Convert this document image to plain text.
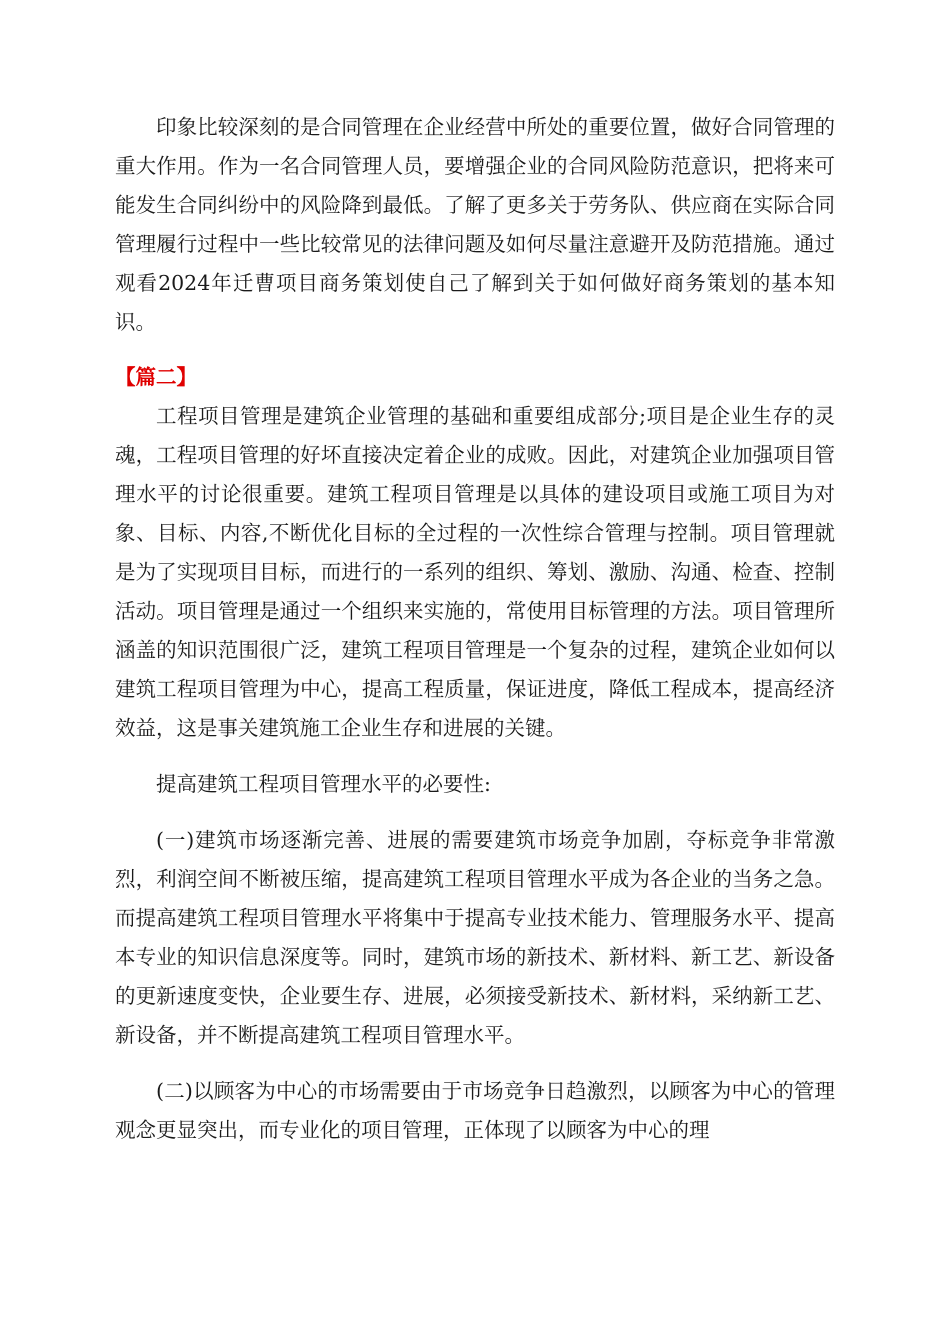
印象比较深刻的是合同管理在企业经营中所处的重要位置，做好合同管理的重大作用。作为一名合同管理人员，要增强企业的合同风险防范意识，把将来可能发生合同纠纷中的风险降到最低。了解了更多关于劳务队、供应商在实际合同管理履行过程中一些比较常见的法律问题及如何尽量注意避开及防范措施。通过观看2024年迁曹项目商务策划使自己了解到关于如何做好商务策划的基本知识。

【篇二】

工程项目管理是建筑企业管理的基础和重要组成部分;项目是企业生存的灵魂，工程项目管理的好坏直接决定着企业的成败。因此，对建筑企业加强项目管理水平的讨论很重要。建筑工程项目管理是以具体的建设项目或施工项目为对象、目标、内容,不断优化目标的全过程的一次性综合管理与控制。项目管理就是为了实现项目目标，而进行的一系列的组织、筹划、激励、沟通、检查、控制活动。项目管理是通过一个组织来实施的，常使用目标管理的方法。项目管理所涵盖的知识范围很广泛，建筑工程项目管理是一个复杂的过程，建筑企业如何以建筑工程项目管理为中心，提高工程质量，保证进度，降低工程成本，提高经济效益，这是事关建筑施工企业生存和进展的关键。

提高建筑工程项目管理水平的必要性:

(一)建筑市场逐渐完善、进展的需要建筑市场竞争加剧，夺标竞争非常激烈，利润空间不断被压缩，提高建筑工程项目管理水平成为各企业的当务之急。而提高建筑工程项目管理水平将集中于提高专业技术能力、管理服务水平、提高本专业的知识信息深度等。同时，建筑市场的新技术、新材料、新工艺、新设备的更新速度变快，企业要生存、进展，必须接受新技术、新材料，采纳新工艺、新设备，并不断提高建筑工程项目管理水平。

(二)以顾客为中心的市场需要由于市场竞争日趋激烈，以顾客为中心的管理观念更显突出，而专业化的项目管理，正体现了以顾客为中心的理
